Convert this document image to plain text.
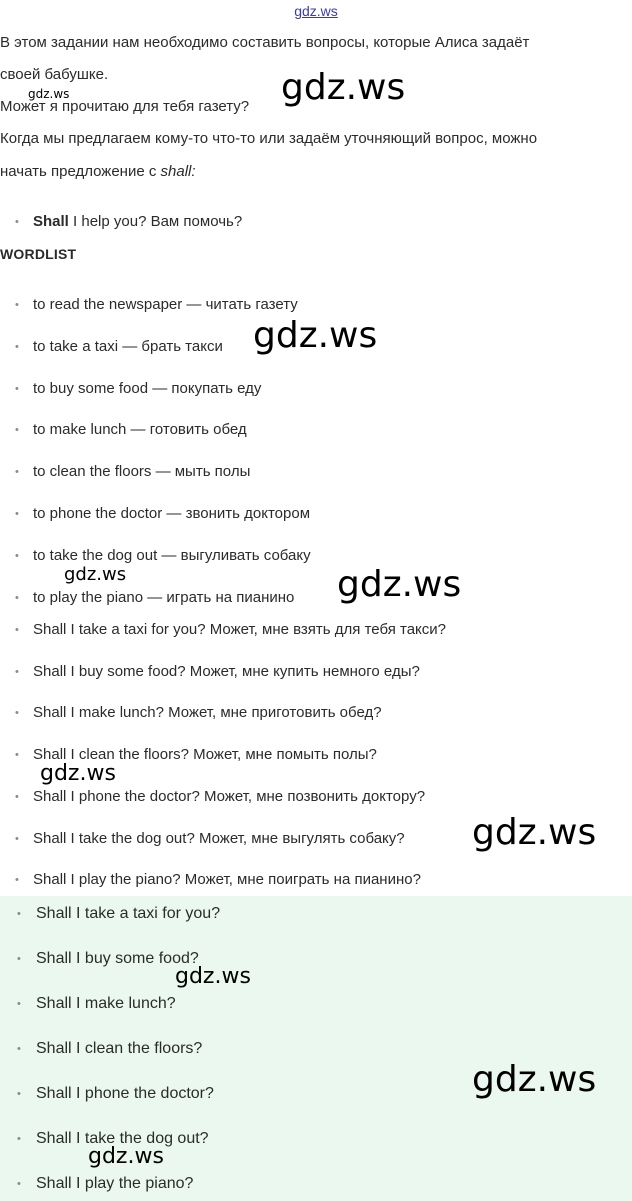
gdz.ws
В этом задании нам необходимо составить вопросы, которые Алиса задаёт
своей бабушке.
Может я прочитаю для тебя газету?
Когда мы предлагаем кому-то что-то или задаём уточняющий вопрос, можно
начать предложение с shall:
• Shall I help you? Вам помочь?
WORDLIST
• to read the newspaper — читать газету
• to take a taxi — брать такси
• to buy some food — покупать еду
• to make lunch — готовить обед
• to clean the floors — мыть полы
• to phone the doctor — звонить доктором
• to take the dog out — выгуливать собаку
• to play the piano — играть на пианино
• Shall I take a taxi for you? Может, мне взять для тебя такси?
• Shall I buy some food? Может, мне купить немного еды?
• Shall I make lunch? Может, мне приготовить обед?
• Shall I clean the floors? Может, мне помыть полы?
• Shall I phone the doctor? Может, мне позвонить доктору?
• Shall I take the dog out? Может, мне выгулять собаку?
• Shall I play the piano? Может, мне поиграть на пианино?
• Shall I take a taxi for you?
• Shall I buy some food?
• Shall I make lunch?
• Shall I clean the floors?
• Shall I phone the doctor?
• Shall I take the dog out?
• Shall I play the piano?
gdz.ws	gdz.ws
gdz.ws
gdz.ws	gdz.ws
gdz.ws
gdz.ws
gdz.ws
gdz.ws
gdz.ws
